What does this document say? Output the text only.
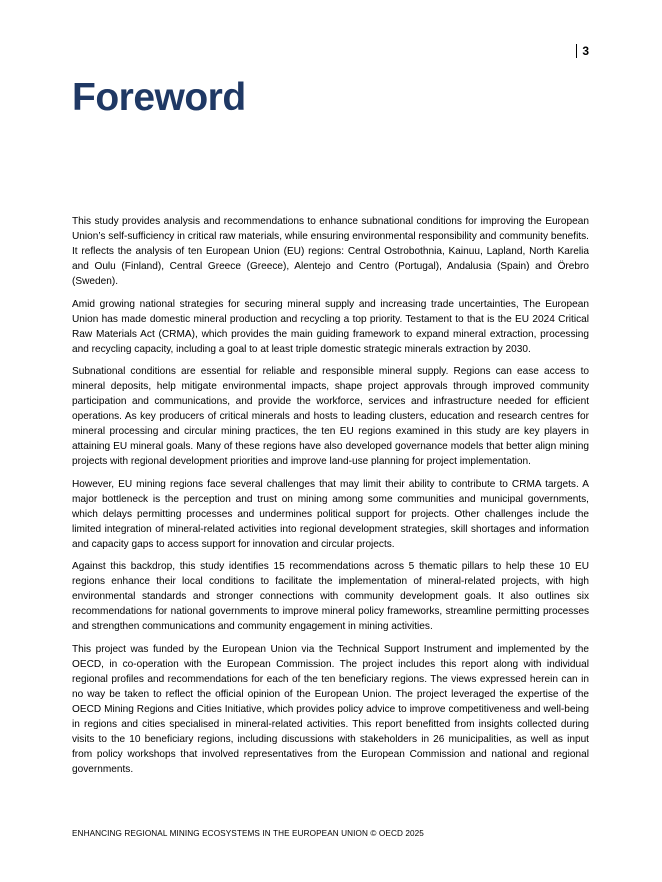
3
Foreword

This study provides analysis and recommendations to enhance subnational conditions for improving the European Union’s self-sufficiency in critical raw materials, while ensuring environmental responsibility and community benefits. It reflects the analysis of ten European Union (EU) regions: Central Ostrobothnia, Kainuu, Lapland, North Karelia and Oulu (Finland), Central Greece (Greece), Alentejo and Centro (Portugal), Andalusia (Spain) and Örebro (Sweden).

Amid growing national strategies for securing mineral supply and increasing trade uncertainties, The European Union has made domestic mineral production and recycling a top priority. Testament to that is the EU 2024 Critical Raw Materials Act (CRMA), which provides the main guiding framework to expand mineral extraction, processing and recycling capacity, including a goal to at least triple domestic strategic minerals extraction by 2030.

Subnational conditions are essential for reliable and responsible mineral supply. Regions can ease access to mineral deposits, help mitigate environmental impacts, shape project approvals through improved community participation and communications, and provide the workforce, services and infrastructure needed for efficient operations. As key producers of critical minerals and hosts to leading clusters, education and research centres for mineral processing and circular mining practices, the ten EU regions examined in this study are key players in attaining EU mineral goals. Many of these regions have also developed governance models that better align mining projects with regional development priorities and improve land-use planning for project implementation.

However, EU mining regions face several challenges that may limit their ability to contribute to CRMA targets. A major bottleneck is the perception and trust on mining among some communities and municipal governments, which delays permitting processes and undermines political support for projects. Other challenges include the limited integration of mineral-related activities into regional development strategies, skill shortages and information and capacity gaps to access support for innovation and circular projects.

Against this backdrop, this study identifies 15 recommendations across 5 thematic pillars to help these 10 EU regions enhance their local conditions to facilitate the implementation of mineral-related projects, with high environmental standards and stronger connections with community development goals. It also outlines six recommendations for national governments to improve mineral policy frameworks, streamline permitting processes and strengthen communications and community engagement in mining activities.

This project was funded by the European Union via the Technical Support Instrument and implemented by the OECD, in co-operation with the European Commission. The project includes this report along with individual regional profiles and recommendations for each of the ten beneficiary regions. The views expressed herein can in no way be taken to reflect the official opinion of the European Union. The project leveraged the expertise of the OECD Mining Regions and Cities Initiative, which provides policy advice to improve competitiveness and well-being in regions and cities specialised in mineral-related activities. This report benefitted from insights collected during visits to the 10 beneficiary regions, including discussions with stakeholders in 26 municipalities, as well as input from policy workshops that involved representatives from the European Commission and national and regional governments.

ENHANCING REGIONAL MINING ECOSYSTEMS IN THE EUROPEAN UNION © OECD 2025
